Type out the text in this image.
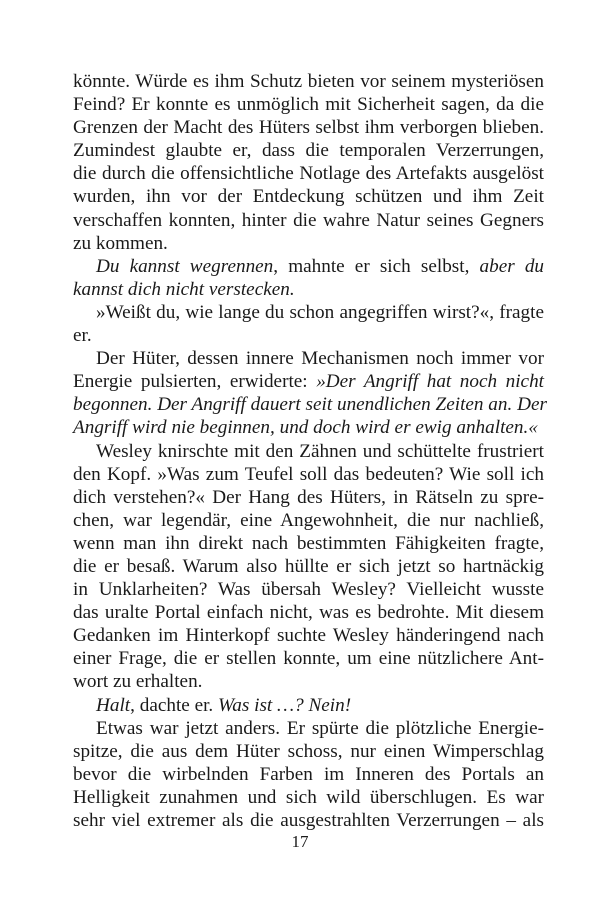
könnte. Würde es ihm Schutz bieten vor seinem mysteriösen
Feind? Er konnte es unmöglich mit Sicherheit sagen, da die
Grenzen der Macht des Hüters selbst ihm verborgen blieben.
Zumindest glaubte er, dass die temporalen Verzerrungen,
die durch die offensichtliche Notlage des Artefakts ausgelöst
wurden, ihn vor der Entdeckung schützen und ihm Zeit
verschaffen konnten, hinter die wahre Natur seines Gegners
zu kommen.
Du kannst wegrennen, mahnte er sich selbst, aber du
kannst dich nicht verstecken.
»Weißt du, wie lange du schon angegriffen wirst?«, fragte
er.
Der Hüter, dessen innere Mechanismen noch immer vor
Energie pulsierten, erwiderte: »Der Angriff hat noch nicht
begonnen. Der Angriff dauert seit unendlichen Zeiten an. Der
Angriff wird nie beginnen, und doch wird er ewig anhalten.«
Wesley knirschte mit den Zähnen und schüttelte frustriert
den Kopf. »Was zum Teufel soll das bedeuten? Wie soll ich
dich verstehen?« Der Hang des Hüters, in Rätseln zu spre-
chen, war legendär, eine Angewohnheit, die nur nachließ,
wenn man ihn direkt nach bestimmten Fähigkeiten fragte,
die er besaß. Warum also hüllte er sich jetzt so hartnäckig
in Unklarheiten? Was übersah Wesley? Vielleicht wusste
das uralte Portal einfach nicht, was es bedrohte. Mit diesem
Gedanken im Hinterkopf suchte Wesley händeringend nach
einer Frage, die er stellen konnte, um eine nützlichere Ant-
wort zu erhalten.
Halt, dachte er. Was ist …? Nein!
Etwas war jetzt anders. Er spürte die plötzliche Energie-
spitze, die aus dem Hüter schoss, nur einen Wimperschlag
bevor die wirbelnden Farben im Inneren des Portals an
Helligkeit zunahmen und sich wild überschlugen. Es war
sehr viel extremer als die ausgestrahlten Verzerrungen – als
17
